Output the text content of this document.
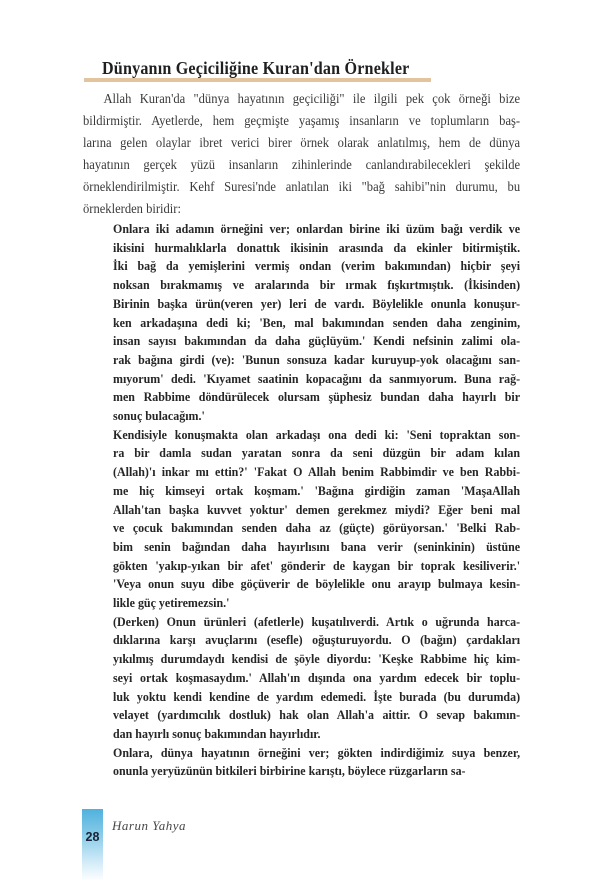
Dünyanın Geçiciliğine Kuran'dan Örnekler
Allah Kuran'da "dünya hayatının geçiciliği" ile ilgili pek çok örneği bize
bildirmiştir. Ayetlerde, hem geçmişte yaşamış insanların ve toplumların baş-
larına gelen olaylar ibret verici birer örnek olarak anlatılmış, hem de dünya
hayatının gerçek yüzü insanların zihinlerinde canlandırabilecekleri şekilde
örneklendirilmiştir. Kehf Suresi'nde anlatılan iki "bağ sahibi"nin durumu, bu
örneklerden biridir:
Onlara iki adamın örneğini ver; onlardan birine iki üzüm bağı verdik ve
ikisini hurmalıklarla donattık ikisinin arasında da ekinler bitirmiştik.
İki bağ da yemişlerini vermiş ondan (verim bakımından) hiçbir şeyi
noksan bırakmamış ve aralarında bir ırmak fışkırtmıştık. (İkisinden)
Birinin başka ürün(veren yer) leri de vardı. Böylelikle onunla konuşur-
ken arkadaşına dedi ki; 'Ben, mal bakımından senden daha zenginim,
insan sayısı bakımından da daha güçlüyüm.' Kendi nefsinin zalimi ola-
rak bağına girdi (ve): 'Bunun sonsuza kadar kuruyup-yok olacağını san-
mıyorum' dedi. 'Kıyamet saatinin kopacağını da sanmıyorum. Buna rağ-
men Rabbime döndürülecek olursam şüphesiz bundan daha hayırlı bir
sonuç bulacağım.'
Kendisiyle konuşmakta olan arkadaşı ona dedi ki: 'Seni topraktan son-
ra bir damla sudan yaratan sonra da seni düzgün bir adam kılan
(Allah)'ı inkar mı ettin?' 'Fakat O Allah benim Rabbimdir ve ben Rabbi-
me hiç kimseyi ortak koşmam.' 'Bağına girdiğin zaman 'MaşaAllah
Allah'tan başka kuvvet yoktur' demen gerekmez miydi? Eğer beni mal
ve çocuk bakımından senden daha az (güçte) görüyorsan.' 'Belki Rab-
bim senin bağından daha hayırlısını bana verir (seninkinin) üstüne
gökten 'yakıp-yıkan bir afet' gönderir de kaygan bir toprak kesiliverir.'
'Veya onun suyu dibe göçüverir de böylelikle onu arayıp bulmaya kesin-
likle güç yetiremezsin.'
(Derken) Onun ürünleri (afetlerle) kuşatılıverdi. Artık o uğrunda harca-
dıklarına karşı avuçlarını (esefle) oğuşturuyordu. O (bağın) çardakları
yıkılmış durumdaydı kendisi de şöyle diyordu: 'Keşke Rabbime hiç kim-
seyi ortak koşmasaydım.' Allah'ın dışında ona yardım edecek bir toplu-
luk yoktu kendi kendine de yardım edemedi. İşte burada (bu durumda)
velayet (yardımcılık dostluk) hak olan Allah'a aittir. O sevap bakımın-
dan hayırlı sonuç bakımından hayırlıdır.
Onlara, dünya hayatının örneğini ver; gökten indirdiğimiz suya benzer,
onunla yeryüzünün bitkileri birbirine karıştı, böylece rüzgarların sa-
28
Harun Yahya
